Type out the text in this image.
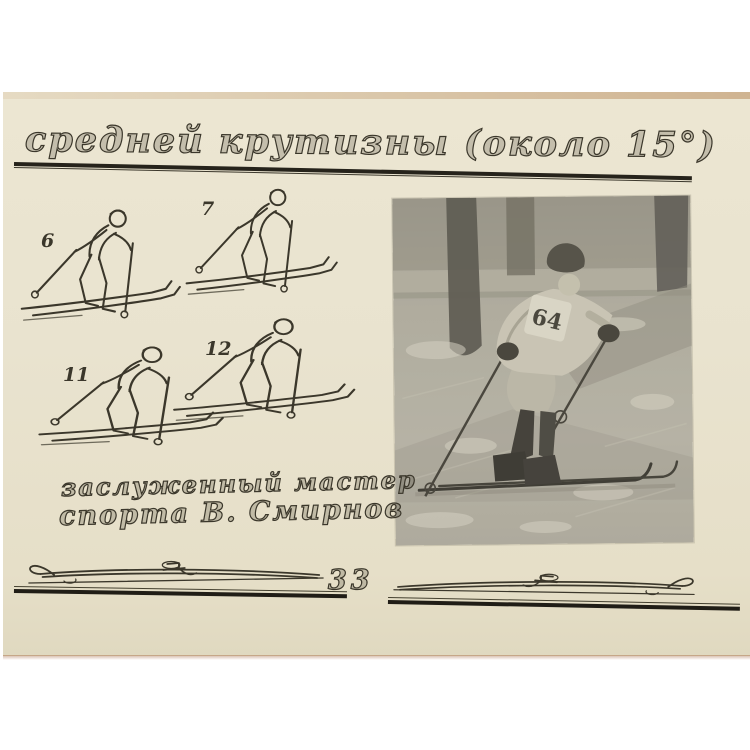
средней крутизны (около 15°)
6
7
11
12
64
заслуженный мастер
спорта В. Смирнов
33
